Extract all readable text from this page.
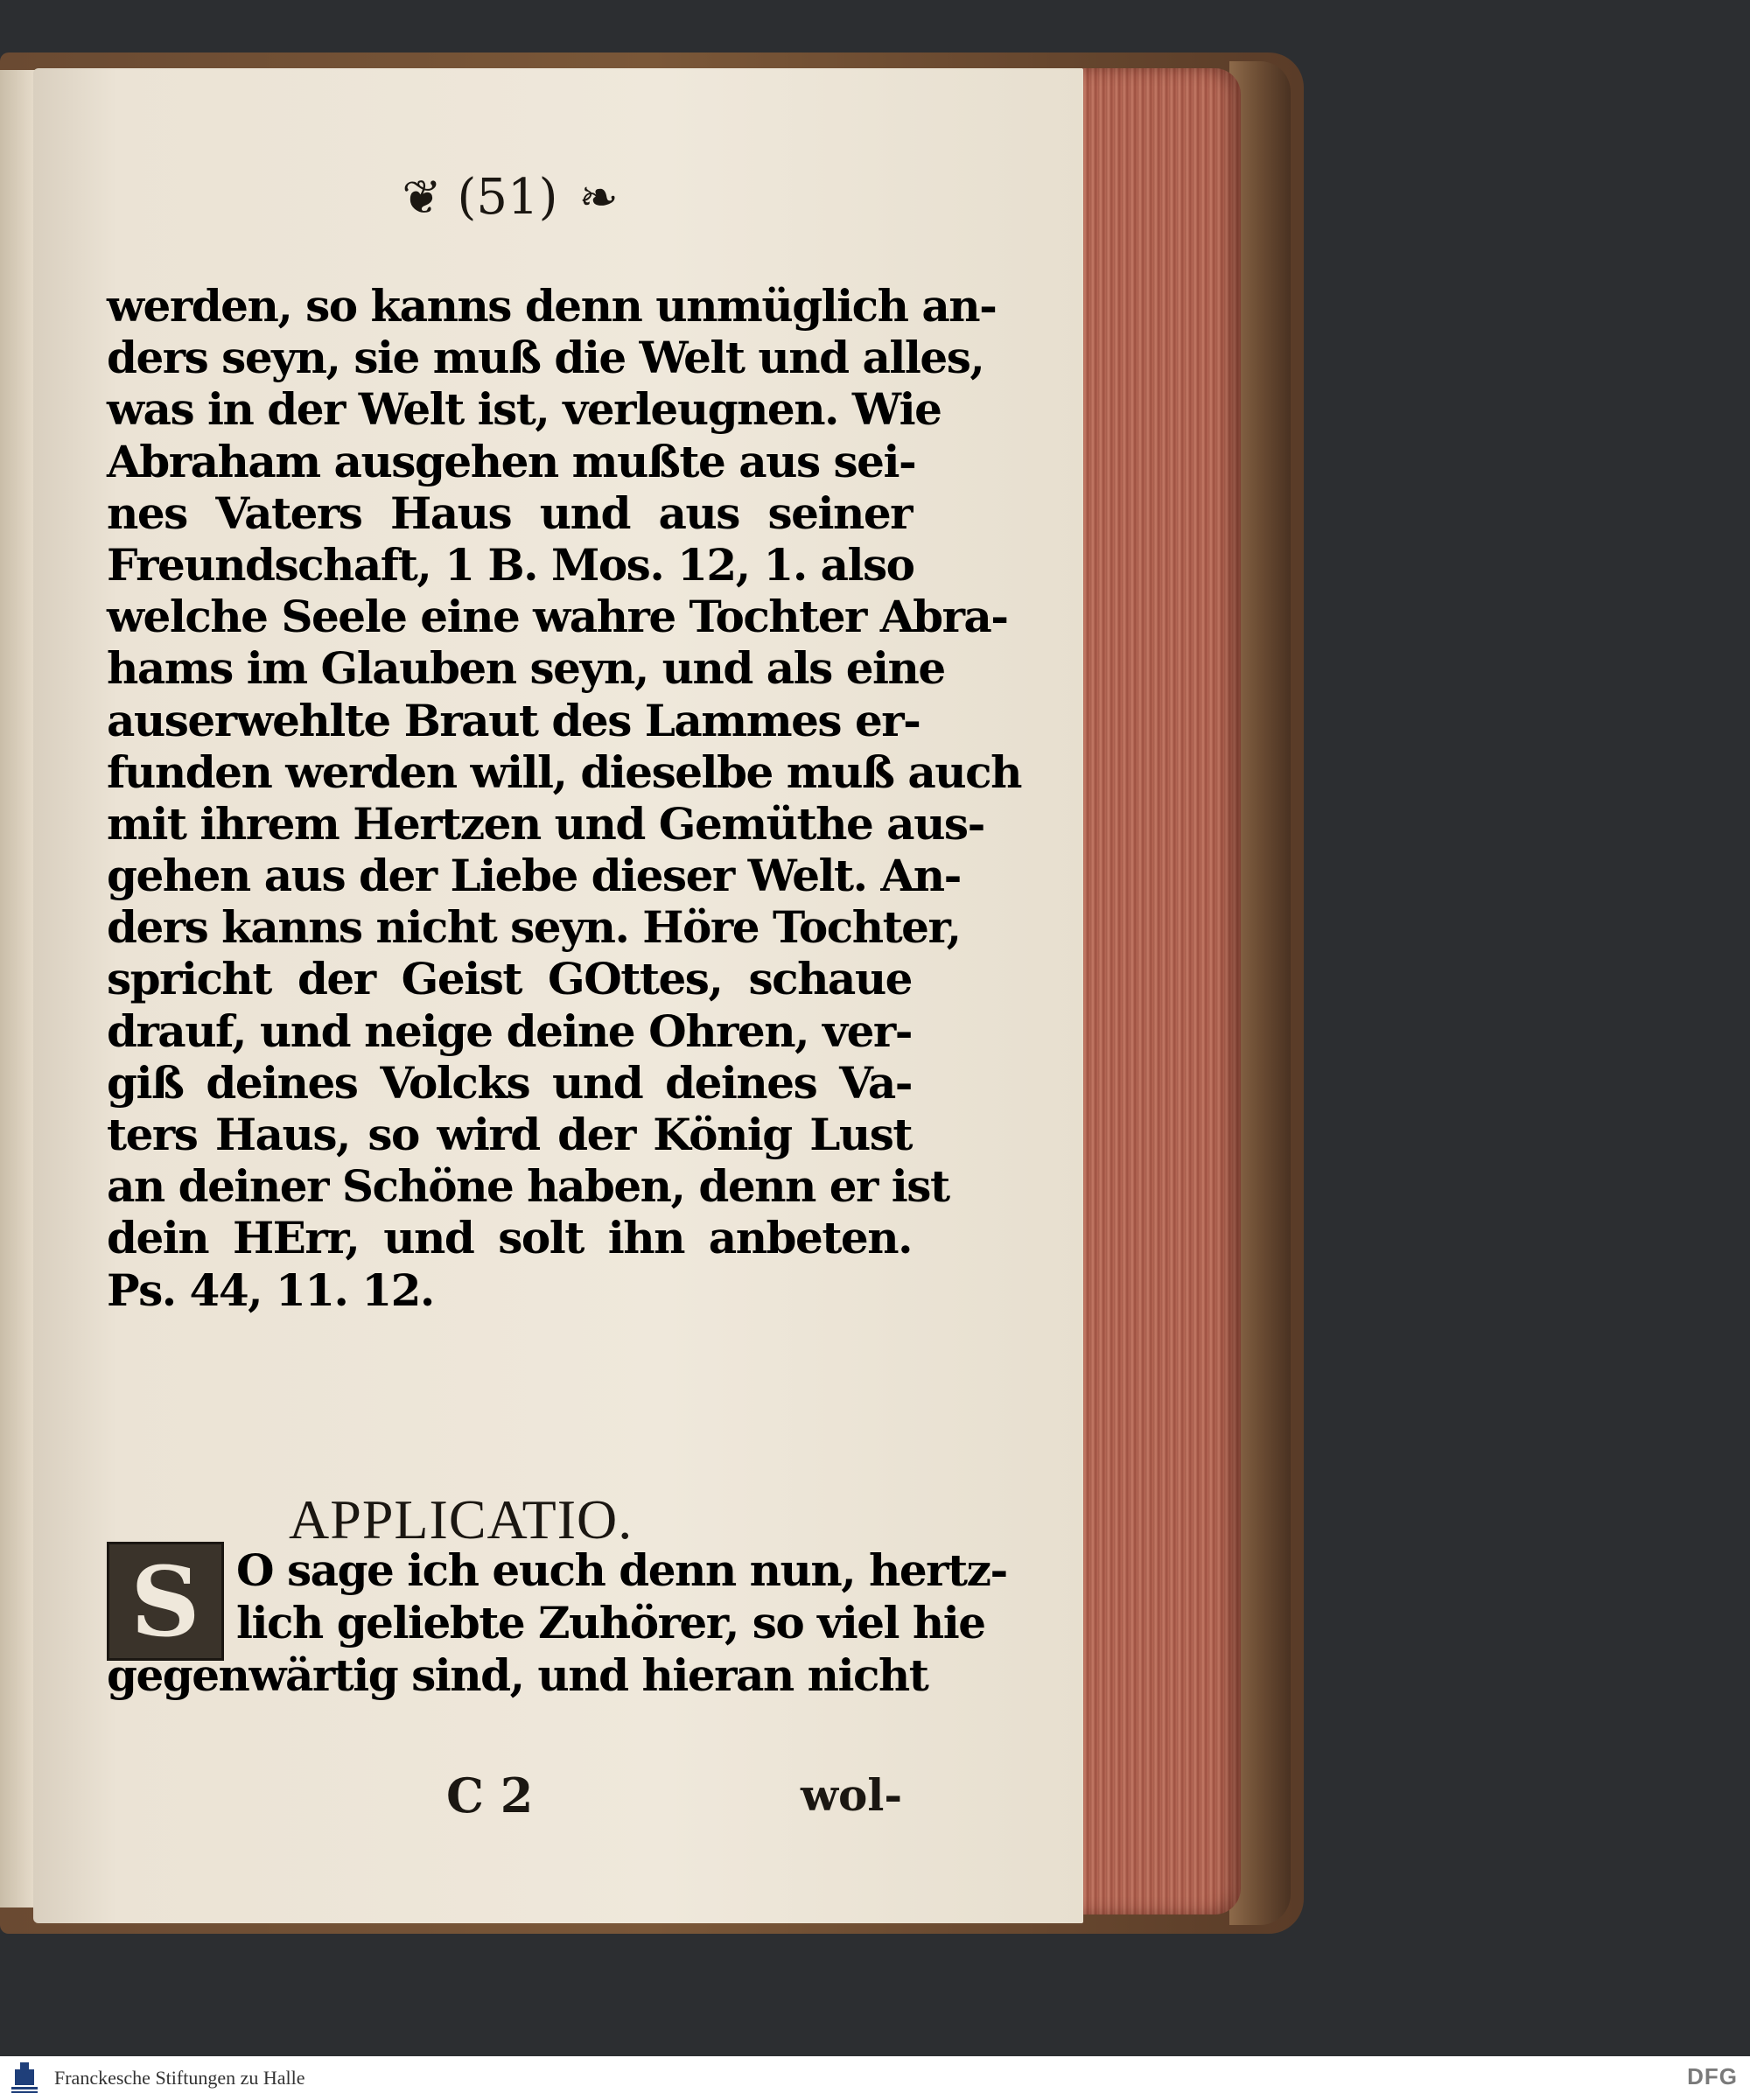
❦ (51) ❧
werden, so kanns denn unmüglich an-
ders seyn, sie muß die Welt und alles,
was in der Welt ist, verleugnen. Wie
Abraham ausgehen mußte aus sei-
nes Vaters Haus und aus seiner
Freundschaft, 1 B. Mos. 12, 1. also
welche Seele eine wahre Tochter Abra-
hams im Glauben seyn, und als eine
auserwehlte Braut des Lammes er-
funden werden will, dieselbe muß auch
mit ihrem Hertzen und Gemüthe aus-
gehen aus der Liebe dieser Welt. An-
ders kanns nicht seyn. Höre Tochter,
spricht der Geist GOttes, schaue
drauf, und neige deine Ohren, ver-
giß deines Volcks und deines Va-
ters Haus, so wird der König Lust
an deiner Schöne haben, denn er ist
dein HErr, und solt ihn anbeten.
Ps. 44, 11. 12.
APPLICATIO.
S O sage ich euch denn nun, hertz-
lich geliebte Zuhörer, so viel hie
gegenwärtig sind, und hieran nicht
C 2	wol-
Franckesche Stiftungen zu Halle	DFG
